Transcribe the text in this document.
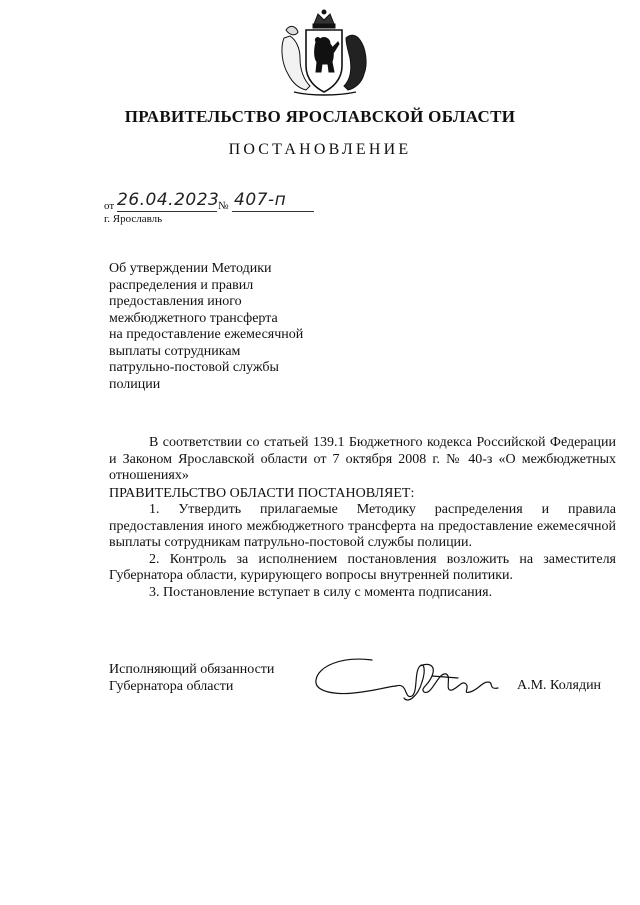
ПРАВИТЕЛЬСТВО ЯРОСЛАВСКОЙ ОБЛАСТИ
ПОСТАНОВЛЕНИЕ
от 26.04.2023
№ 407-п
г. Ярославль
Об утверждении Методики
распределения и правил
предоставления иного
межбюджетного трансферта
на предоставление ежемесячной
выплаты сотрудникам
патрульно-постовой службы
полиции

В соответствии со статьей 139.1 Бюджетного кодекса Российской Федерации и Законом Ярославской области от 7 октября 2008 г. № 40-з «О межбюджетных отношениях»

ПРАВИТЕЛЬСТВО ОБЛАСТИ ПОСТАНОВЛЯЕТ:

1. Утвердить прилагаемые Методику распределения и правила предоставления иного межбюджетного трансферта на предоставление ежемесячной выплаты сотрудникам патрульно-постовой службы полиции.

2. Контроль за исполнением постановления возложить на заместителя Губернатора области, курирующего вопросы внутренней политики.

3. Постановление вступает в силу с момента подписания.

Исполняющий обязанности
Губернатора области	А.М. Колядин
